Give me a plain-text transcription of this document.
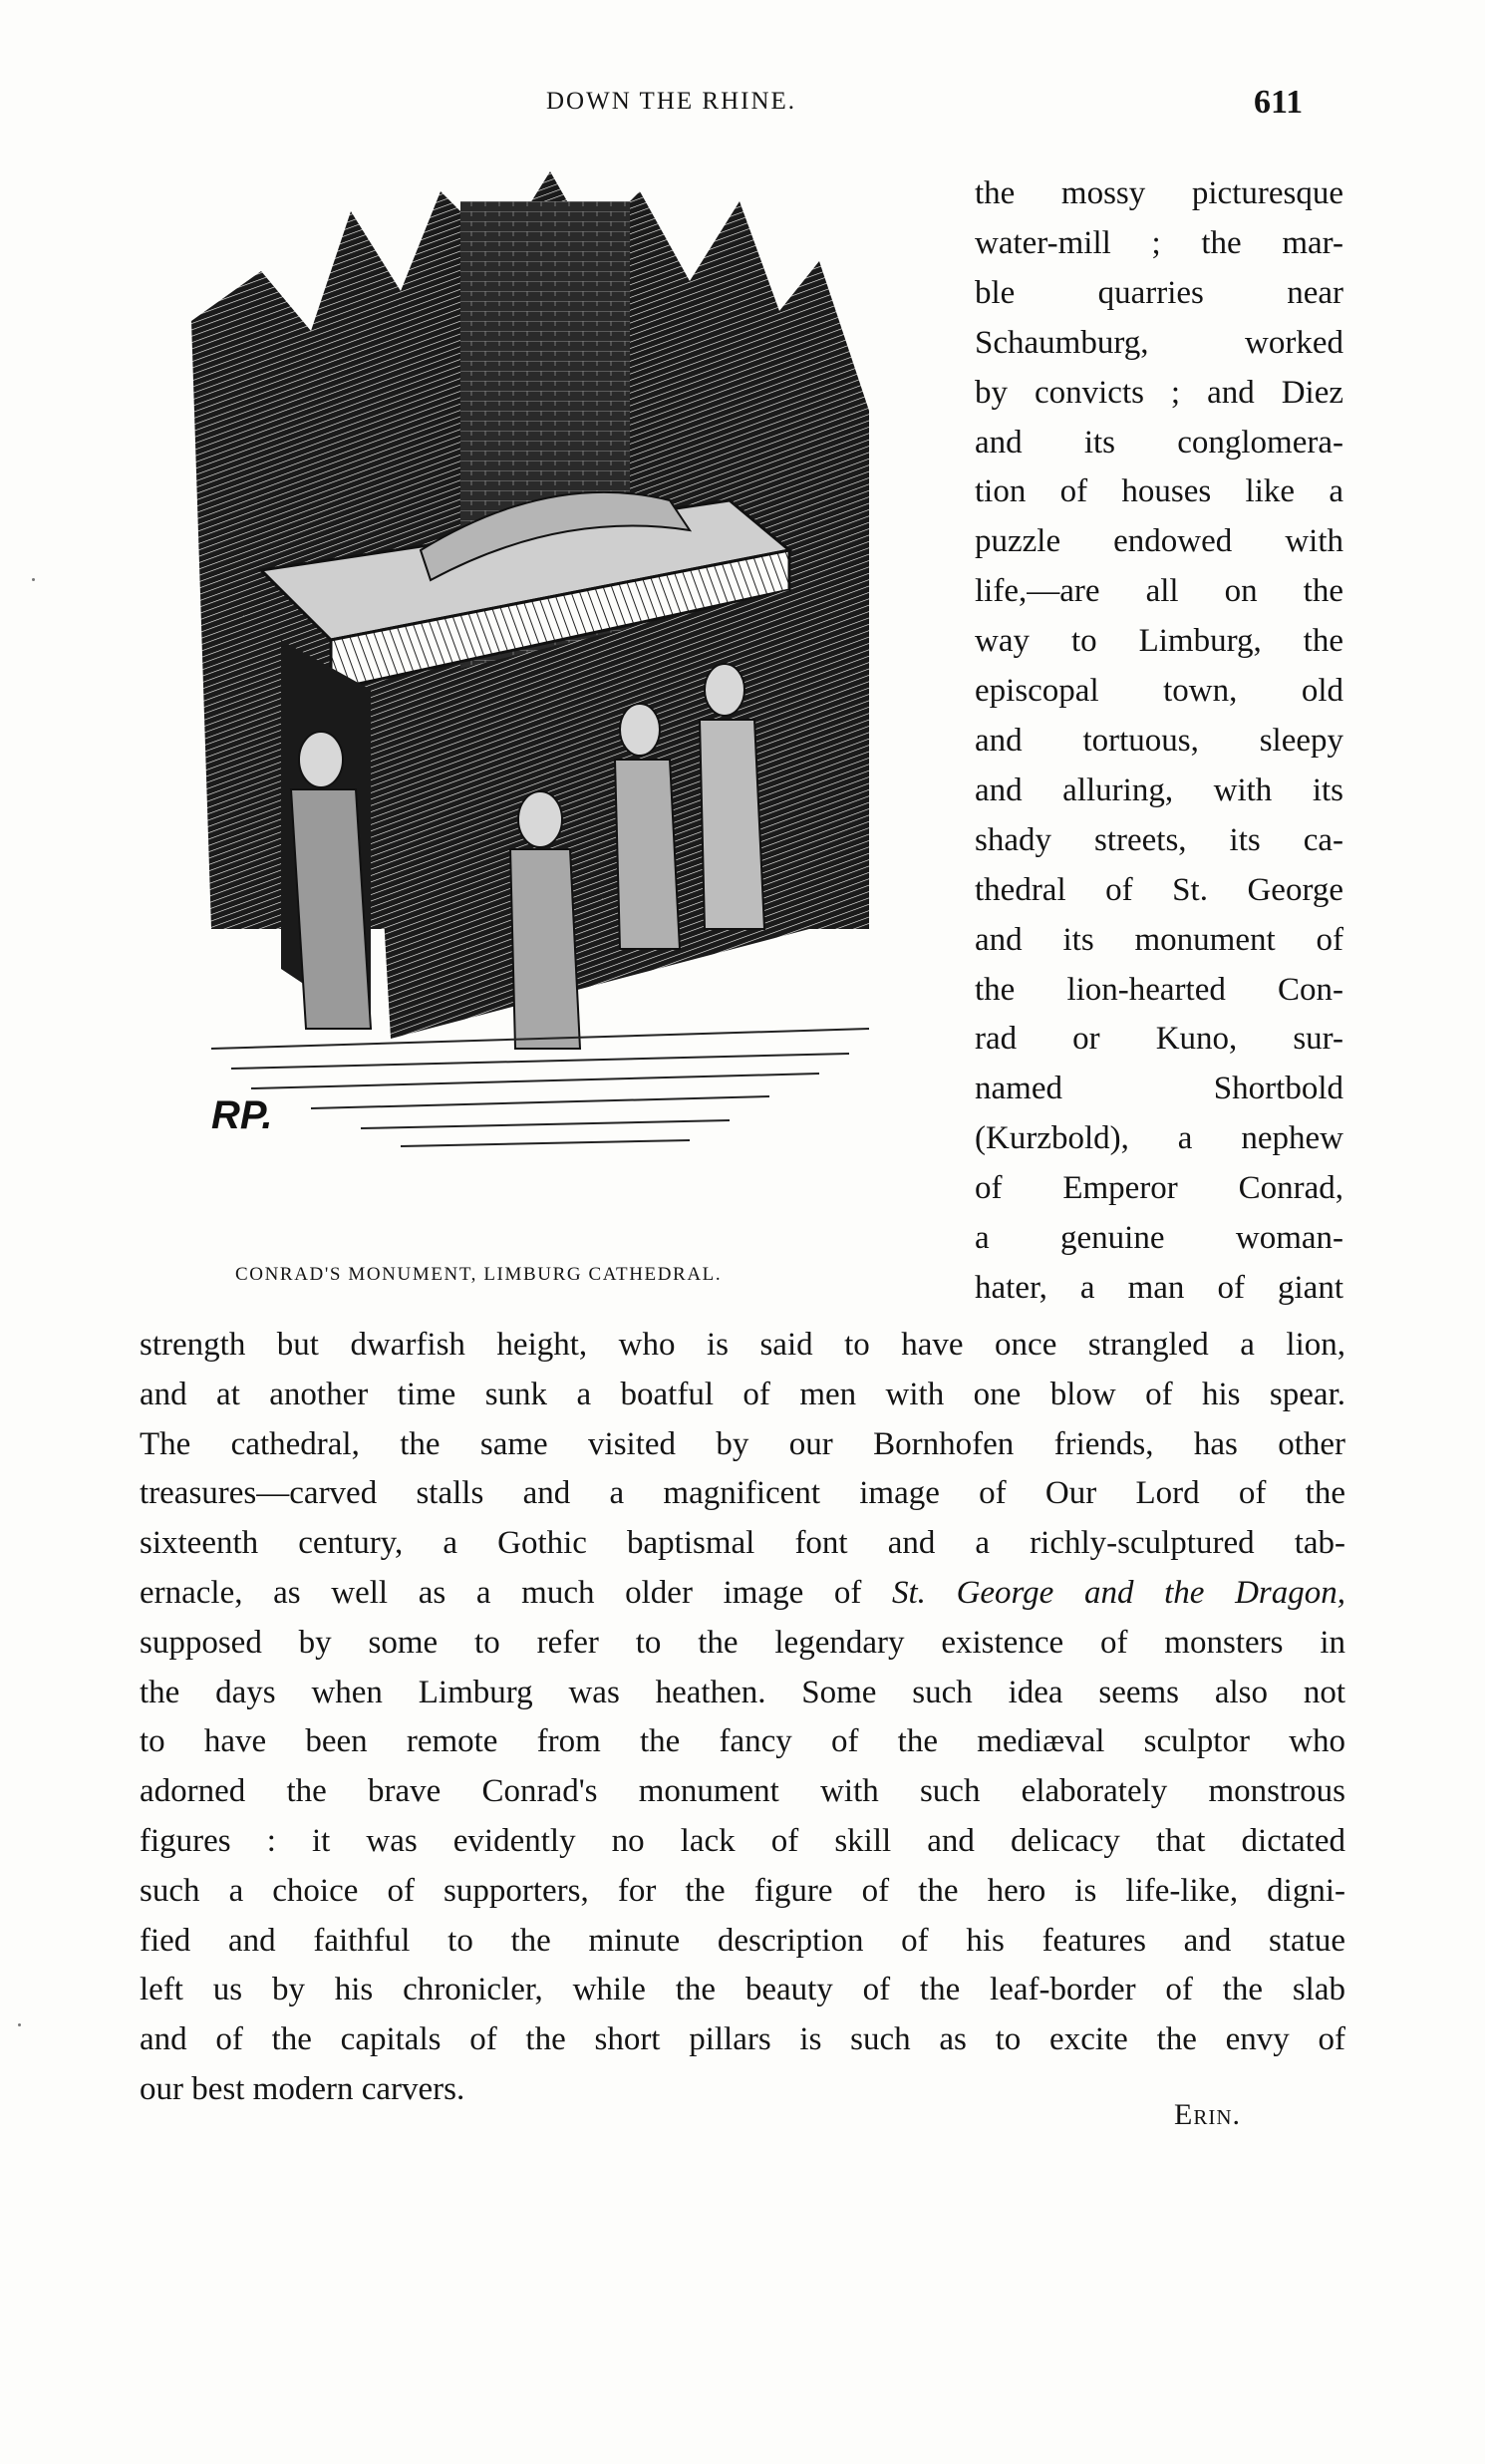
DOWN THE RHINE.	611
RP.
CONRAD'S MONUMENT, LIMBURG CATHEDRAL.
the mossy picturesque
water-mill ; the mar-
ble quarries near
Schaumburg, worked
by convicts ; and Diez
and its conglomera-
tion of houses like a
puzzle endowed with
life,—are all on the
way to Limburg, the
episcopal town, old
and tortuous, sleepy
and alluring, with its
shady streets, its ca-
thedral of St. George
and its monument of
the lion-hearted Con-
rad or Kuno, sur-
named Shortbold
(Kurzbold), a nephew
of Emperor Conrad,
a genuine woman-
hater, a man of giant
strength but dwarfish height, who is said to have once strangled a lion,
and at another time sunk a boatful of men with one blow of his spear.
The cathedral, the same visited by our Bornhofen friends, has other
treasures—carved stalls and a magnificent image of Our Lord of the
sixteenth century, a Gothic baptismal font and a richly-sculptured tab-
ernacle, as well as a much older image of St. George and the Dragon,
supposed by some to refer to the legendary existence of monsters in
the days when Limburg was heathen. Some such idea seems also not
to have been remote from the fancy of the mediæval sculptor who
adorned the brave Conrad's monument with such elaborately monstrous
figures : it was evidently no lack of skill and delicacy that dictated
such a choice of supporters, for the figure of the hero is life-like, digni-
fied and faithful to the minute description of his features and statue
left us by his chronicler, while the beauty of the leaf-border of the slab
and of the capitals of the short pillars is such as to excite the envy of
our best modern carvers.
Erin.
